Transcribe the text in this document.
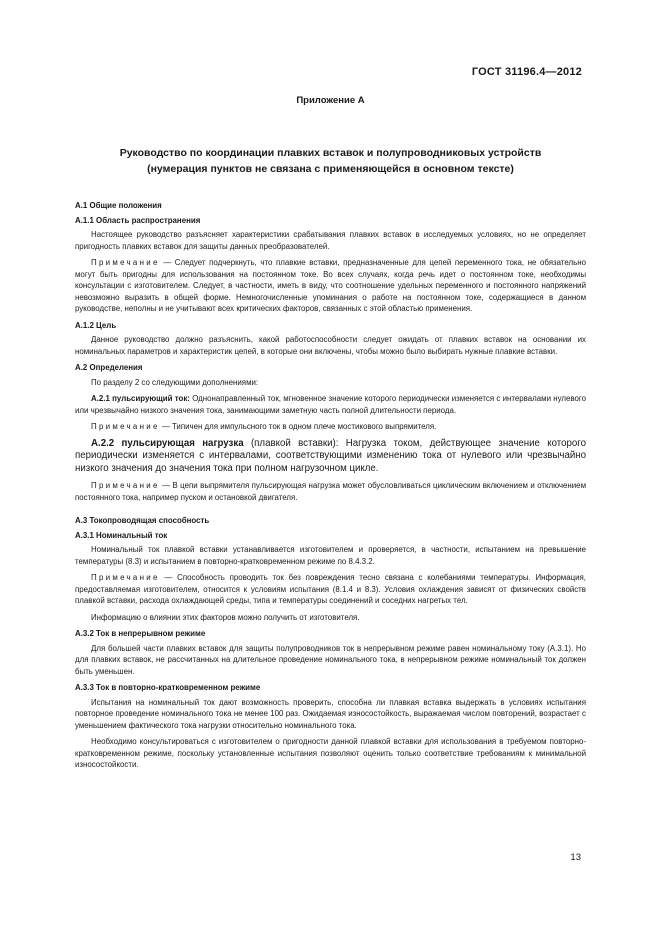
ГОСТ 31196.4—2012
Приложение А
Руководство по координации плавких вставок и полупроводниковых устройств
(нумерация пунктов не связана с применяющейся в основном тексте)

А.1 Общие положения

А.1.1 Область распространения

Настоящее руководство разъясняет характеристики срабатывания плавких вставок в исследуемых условиях, но не определяет пригодность плавких вставок для защиты данных преобразователей.

Примечание — Следует подчеркнуть, что плавкие вставки, предназначенные для цепей переменного тока, не обязательно могут быть пригодны для использования на постоянном токе. Во всех случаях, когда речь идет о постоянном токе, необходимы консультации с изготовителем. Следует, в частности, иметь в виду, что соотношение удельных переменного и постоянного напряжений невозможно выразить в общей форме. Немногочисленные упоминания о работе на постоянном токе, содержащиеся в данном руководстве, неполны и не учитывают всех критических факторов, связанных с этой областью применения.

А.1.2 Цель

Данное руководство должно разъяснить, какой работоспособности следует ожидать от плавких вставок на основании их номинальных параметров и характеристик цепей, в которые они включены, чтобы можно было выбирать нужные плавкие вставки.

А.2 Определения

По разделу 2 со следующими дополнениями:

А.2.1 пульсирующий ток: Однонаправленный ток, мгновенное значение которого периодически изменяется с интервалами нулевого или чрезвычайно низкого значения тока, занимающими заметную часть полной длительности периода.

Примечание — Типичен для импульсного ток в одном плече мостикового выпрямителя.

А.2.2 пульсирующая нагрузка (плавкой вставки): Нагрузка током, действующее значение которого периодически изменяется с интервалами, соответствующими изменению тока от нулевого или чрезвычайно низкого значения до значения тока при полном нагрузочном цикле.

Примечание — В цепи выпрямителя пульсирующая нагрузка может обусловливаться циклическим включением и отключением постоянного тока, например пуском и остановкой двигателя.

А.3 Токопроводящая способность

А.3.1 Номинальный ток

Номинальный ток плавкой вставки устанавливается изготовителем и проверяется, в частности, испытанием на превышение температуры (8.3) и испытанием в повторно-кратковременном режиме по 8.4.3.2.

Примечание — Способность проводить ток без повреждения тесно связана с колебаниями температуры. Информация, предоставляемая изготовителем, относится к условиям испытания (8.1.4 и 8.3). Условия охлаждения зависят от физических свойств плавкой вставки, расхода охлаждающей среды, типа и температуры соединений и соседних нагретых тел.

Информацию о влиянии этих факторов можно получить от изготовителя.

А.3.2 Ток в непрерывном режиме

Для большей части плавких вставок для защиты полупроводников ток в непрерывном режиме равен номинальному току (А.3.1). Но для плавких вставок, не рассчитанных на длительное проведение номинального тока, в непрерывном режиме номинальный ток должен быть уменьшен.

А.3.3 Ток в повторно-кратковременном режиме

Испытания на номинальный ток дают возможность проверить, способна ли плавкая вставка выдержать в условиях испытания повторное проведение номинального тока не менее 100 раз. Ожидаемая износостойкость, выражаемая числом повторений, возрастает с уменьшением фактического тока нагрузки относительно номинального тока.

Необходимо консультироваться с изготовителем о пригодности данной плавкой вставки для использования в требуемом повторно-кратковременном режиме, поскольку установленные испытания позволяют оценить только соответствие требованиям к минимальной износостойкости.

13
